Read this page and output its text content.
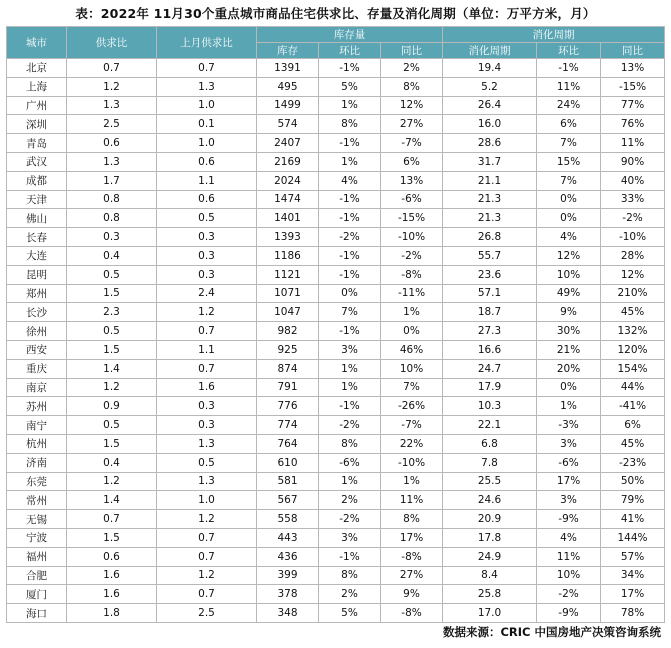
表：2022年 11月30个重点城市商品住宅供求比、存量及消化周期（单位：万平方米，月）
城市	供求比	上月供求比	库存量			消化周期		
			库存	环比	同比	消化周期	环比	同比
北京	0.7	0.7	1391	-1%	2%	19.4	-1%	13%
上海	1.2	1.3	495	5%	8%	5.2	11%	-15%
广州	1.3	1.0	1499	1%	12%	26.4	24%	77%
深圳	2.5	0.1	574	8%	27%	16.0	6%	76%
青岛	0.6	1.0	2407	-1%	-7%	28.6	7%	11%
武汉	1.3	0.6	2169	1%	6%	31.7	15%	90%
成都	1.7	1.1	2024	4%	13%	21.1	7%	40%
天津	0.8	0.6	1474	-1%	-6%	21.3	0%	33%
佛山	0.8	0.5	1401	-1%	-15%	21.3	0%	-2%
长春	0.3	0.3	1393	-2%	-10%	26.8	4%	-10%
大连	0.4	0.3	1186	-1%	-2%	55.7	12%	28%
昆明	0.5	0.3	1121	-1%	-8%	23.6	10%	12%
郑州	1.5	2.4	1071	0%	-11%	57.1	49%	210%
长沙	2.3	1.2	1047	7%	1%	18.7	9%	45%
徐州	0.5	0.7	982	-1%	0%	27.3	30%	132%
西安	1.5	1.1	925	3%	46%	16.6	21%	120%
重庆	1.4	0.7	874	1%	10%	24.7	20%	154%
南京	1.2	1.6	791	1%	7%	17.9	0%	44%
苏州	0.9	0.3	776	-1%	-26%	10.3	1%	-41%
南宁	0.5	0.3	774	-2%	-7%	22.1	-3%	6%
杭州	1.5	1.3	764	8%	22%	6.8	3%	45%
济南	0.4	0.5	610	-6%	-10%	7.8	-6%	-23%
东莞	1.2	1.3	581	1%	1%	25.5	17%	50%
常州	1.4	1.0	567	2%	11%	24.6	3%	79%
无锡	0.7	1.2	558	-2%	8%	20.9	-9%	41%
宁波	1.5	0.7	443	3%	17%	17.8	4%	144%
福州	0.6	0.7	436	-1%	-8%	24.9	11%	57%
合肥	1.6	1.2	399	8%	27%	8.4	10%	34%
厦门	1.6	0.7	378	2%	9%	25.8	-2%	17%
海口	1.8	2.5	348	5%	-8%	17.0	-9%	78%
数据来源：CRIC 中国房地产决策咨询系统
